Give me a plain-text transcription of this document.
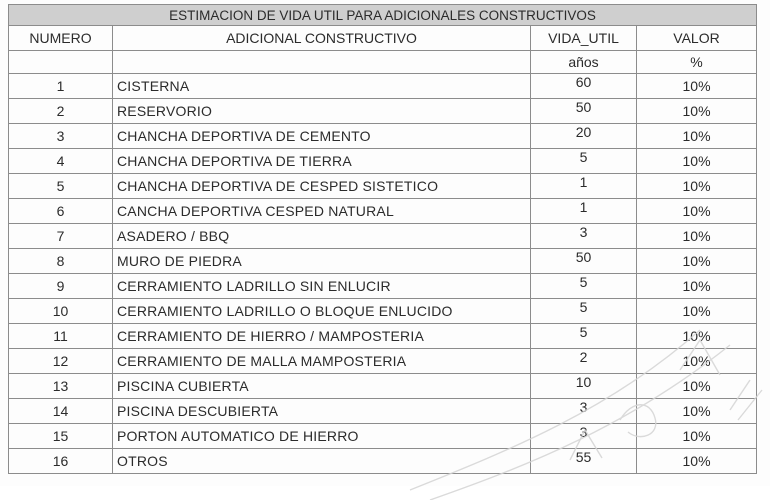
ESTIMACION DE VIDA UTIL PARA ADICIONALES CONSTRUCTIVOS			
NUMERO	ADICIONAL CONSTRUCTIVO	VIDA_UTIL	VALOR
		años	%
1	CISTERNA	60	10%
2	RESERVORIO	50	10%
3	CHANCHA DEPORTIVA DE CEMENTO	20	10%
4	CHANCHA DEPORTIVA DE TIERRA	5	10%
5	CHANCHA DEPORTIVA DE CESPED SISTETICO	1	10%
6	CANCHA DEPORTIVA CESPED NATURAL	1	10%
7	ASADERO / BBQ	3	10%
8	MURO DE PIEDRA	50	10%
9	CERRAMIENTO LADRILLO SIN ENLUCIR	5	10%
10	CERRAMIENTO LADRILLO O BLOQUE ENLUCIDO	5	10%
11	CERRAMIENTO DE HIERRO / MAMPOSTERIA	5	10%
12	CERRAMIENTO DE MALLA MAMPOSTERIA	2	10%
13	PISCINA CUBIERTA	10	10%
14	PISCINA DESCUBIERTA	3	10%
15	PORTON AUTOMATICO DE HIERRO	3	10%
16	OTROS	55	10%
